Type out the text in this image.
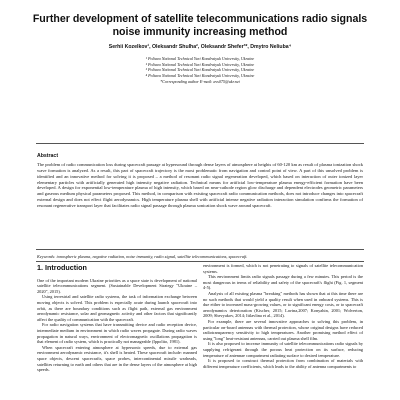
Further development of satellite telecommunications radio signals noise immunity increasing method
Serhii Kozelkov¹, Oleksandr Shulha², Oleksandr Shefer³*, Dmytro Neliuba⁴
¹ Poltava National Technical Yuri Kondratyuk University, Ukraine
² Poltava National Technical Yuri Kondratyuk University, Ukraine
³ Poltava National Technical Yuri Kondratyuk University, Ukraine
⁴ Poltava National Technical Yuri Kondratyuk University, Ukraine
*Corresponding author E-mail: avs075@ukr.net
Abstract
The problem of radio communication loss during spacecraft passage at hypersound through dense layers of atmosphere at heights of 60-120 km as result of plasma ionization shock wave formation is analyzed. As a result, this part of spacecraft trajectory is the most problematic from navigation and control point of view. A part of this unsolved problem is identified and an innovative method for solving it is proposed – a method of resonant radio signal regeneration developed, which based on interaction of outer ionized layer elementary particles with artificially generated high intensity negative radiation. Technical means for artificial low-temperature plasma energy-efficient formation have been developed. A design for exponential low-temperature plasma of high intensity, which based on near-cathode region glow discharge and dependent electrodes geometric parameters and gaseous medium physical parameters proposed. This method, in comparison with existing spacecraft radio communication methods, does not introduce changes into spacecraft external design and does not effect flight aerodynamics. High temperature plasma shell with artificial intense negative radiation interaction simulation confirms the formation of resonant regenerative transport layer that facilitates radio signal passage through plasma sonication shock wave around spacecraft.
Keywords: ionospheric plasma, negative radiation, noise immunity, radio signal, satellite telecommunications, spacecraft.
1. Introduction
One of the important modern Ukraine priorities as a space state is development of national satellite telecommunications segment. (Sustainable Development Strategy "Ukraine – 2020", 2015).
Using terrestrial and satellite radio systems, the task of information exchange between moving objects is solved. This problem is especially acute during launch spacecraft into orbit, as there are boundary conditions such as flight path, external gas environment aerodynamic resistance, solar and geomagnetic activity and other factors that significantly affect the quality of communication with the spacecraft.
For radio navigation systems that have transmitting device and radio reception device, intermediate medium in environment in which radio waves propagate. During radio waves propagation in natural ways, environment of electromagnetic oscillations propagation is that element of radio system, which is practically not manageable (Ippolito, 1981).
When spacecraft entering atmosphere at hypersonic speeds, due to external gas environment aerodynamic resistance, it's shell is heated. These spacecraft include: manned space objects, descent spacecrafts, space probes, intercontinental missile warheads, satellites returning to earth and others that are in the dense layers of the atmosphere at high speeds.
environment is formed, which is not penetrating to signals of satellite telecommunication systems.
This environment limits radio signals passage during a few minutes. This period is the most dangerous in terms of reliability and safety of the spacecraft's flight (Fig. 1, segment 4-5).
Analysis of all existing plasma "breaking" methods has shown that at this time there are no such methods that would yield a quality result when used in onboard systems. This is due either to increased mass-growing values, or to significant energy costs, or to spacecraft aerodynamics deterioration (Kischer, 2015; Lavina,2007; Konyahin, 2001; Wolverton, 2009; Shevyakov, 2014; Ittlavlina et al., 2014).
For example, there are several innovative approaches to solving this problem, in particular on-board antennas with thermal protection, whose original designs have reduced radiotransparency sensitivity to high temperatures. Another promising method effect of using "long" heat-resistant antennas, carried out plasma shell film.
It is also proposed to increase immunity of satellite telecommunications radio signals by supplying refrigerant through the porous heat protection on its surface, reducing temperature of antennae compartment radiating surface to desired temperature.
It is proposed to construct thermal protection from combination of materials with different temperature coefficients, which leads to the ability of antenna compartments to
